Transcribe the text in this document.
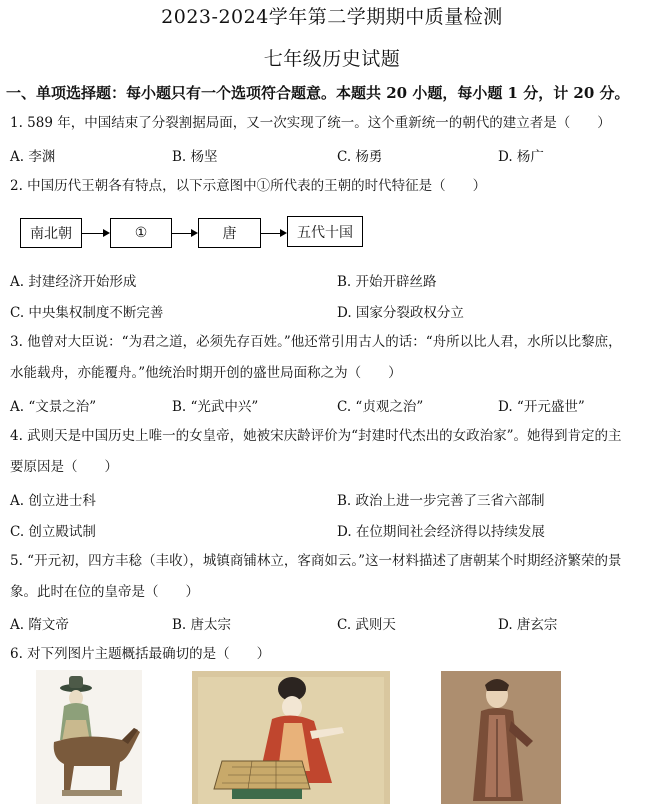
2023-2024学年第二学期期中质量检测
七年级历史试题
一、单项选择题：每小题只有一个选项符合题意。本题共 20 小题，每小题 1 分，计 20 分。
1. 589 年，中国结束了分裂割据局面，又一次实现了统一。这个重新统一的朝代的建立者是（　　）
A. 李渊	B. 杨坚	C. 杨勇	D. 杨广
2. 中国历代王朝各有特点，以下示意图中①所代表的王朝的时代特征是（　　）
南北朝	①	唐	五代十国
A. 封建经济开始形成	B. 开始开辟丝路
C. 中央集权制度不断完善	D. 国家分裂政权分立
3. 他曾对大臣说：“为君之道，必须先存百姓。”他还常引用古人的话：“舟所以比人君，水所以比黎庶，
水能载舟，亦能覆舟。”他统治时期开创的盛世局面称之为（　　）
A. “文景之治”	B. “光武中兴”	C. “贞观之治”	D. “开元盛世”
4. 武则天是中国历史上唯一的女皇帝，她被宋庆龄评价为“封建时代杰出的女政治家”。她得到肯定的主
要原因是（　　）
A. 创立进士科	B. 政治上进一步完善了三省六部制
C. 创立殿试制	D. 在位期间社会经济得以持续发展
5. “开元初，四方丰稔（丰收），城镇商铺林立，客商如云。”这一材料描述了唐朝某个时期经济繁荣的景
象。此时在位的皇帝是（　　）
A. 隋文帝	B. 唐太宗	C. 武则天	D. 唐玄宗
6. 对下列图片主题概括最确切的是（　　）
